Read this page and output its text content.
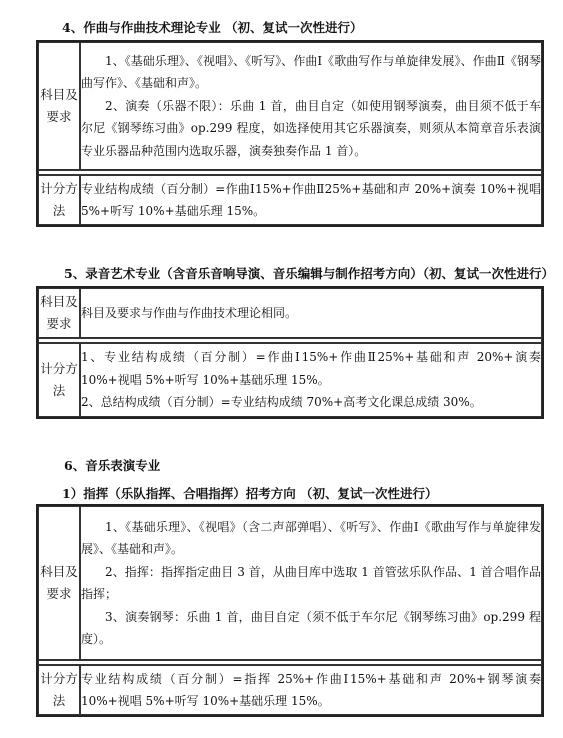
4、作曲与作曲技术理论专业 （初、复试一次性进行）
科目及要求	1、《基础乐理》、《视唱》、《听写》、作曲Ⅰ《歌曲写作与单旋律发展》、作曲Ⅱ《钢琴曲写作》、《基础和声》。

2、演奏（乐器不限）：乐曲 1 首，曲目自定（如使用钢琴演奏，曲目须不低于车尔尼《钢琴练习曲》op.299 程度，如选择使用其它乐器演奏，则须从本简章音乐表演专业乐器品种范围内选取乐器，演奏独奏作品 1 首）。

计分方法	专业结构成绩（百分制）=作曲Ⅰ15%+作曲Ⅱ25%+基础和声 20%+演奏 10%+视唱 5%+听写 10%+基础乐理 15%。

5、录音艺术专业（含音乐音响导演、音乐编辑与制作招考方向）（初、复试一次性进行）
科目及要求	科目及要求与作曲与作曲技术理论相同。

计分方法	1、专业结构成绩（百分制）=作曲Ⅰ15%+作曲Ⅱ25%+基础和声 20%+演奏 10%+视唱 5%+听写 10%+基础乐理 15%。

2、总结构成绩（百分制）=专业结构成绩 70%+高考文化课总成绩 30%。

6、音乐表演专业
1）指挥（乐队指挥、合唱指挥）招考方向 （初、复试一次性进行）
科目及要求	1、《基础乐理》、《视唱》（含二声部弹唱）、《听写》、作曲Ⅰ《歌曲写作与单旋律发展》、《基础和声》。

2、指挥：指挥指定曲目 3 首，从曲目库中选取 1 首管弦乐队作品、1 首合唱作品指挥；

3、演奏钢琴：乐曲 1 首，曲目自定（须不低于车尔尼《钢琴练习曲》op.299 程度）。

计分方法	专业结构成绩（百分制）=指挥 25%+作曲Ⅰ15%+基础和声 20%+钢琴演奏 10%+视唱 5%+听写 10%+基础乐理 15%。
